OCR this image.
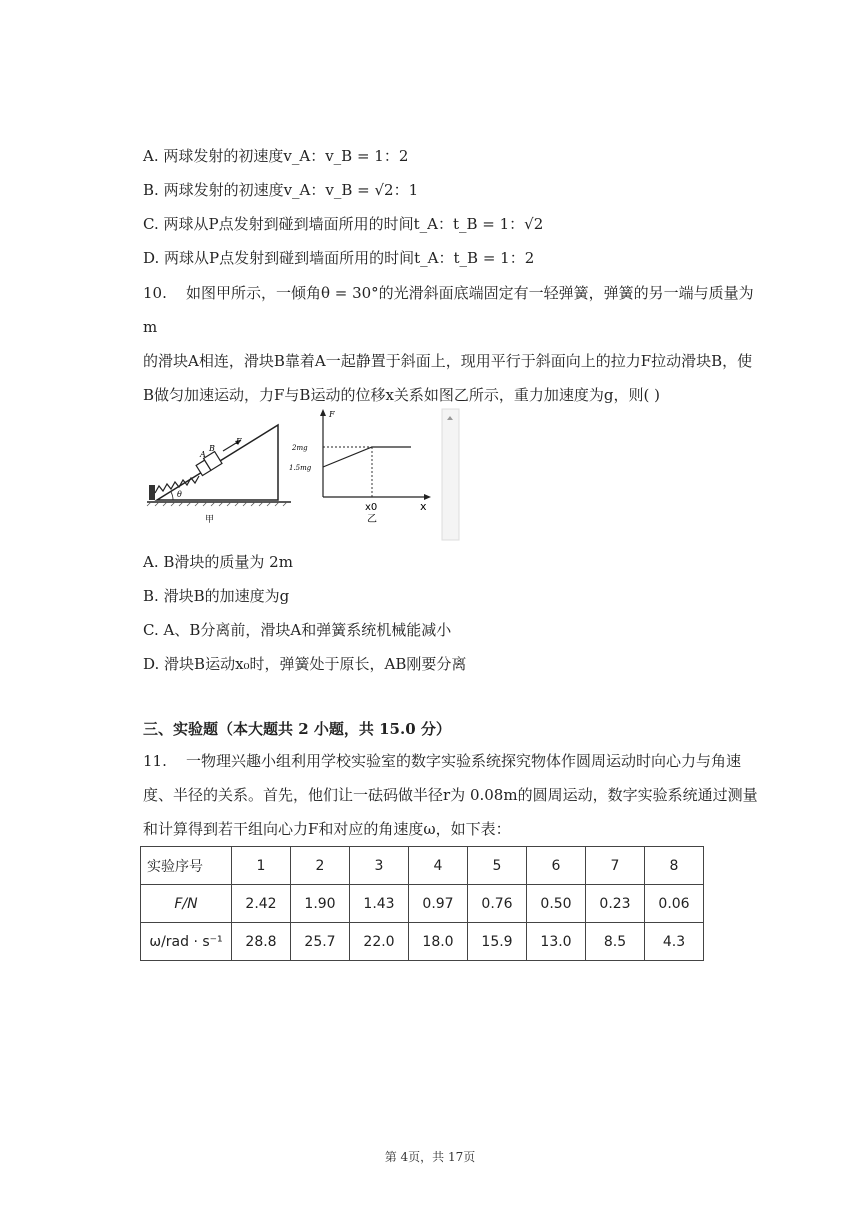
A. 两球发射的初速度v_A：v_B = 1：2
B. 两球发射的初速度v_A：v_B = √2：1
C. 两球从P点发射到碰到墙面所用的时间t_A：t_B = 1：√2
D. 两球从P点发射到碰到墙面所用的时间t_A：t_B = 1：2
10. 如图甲所示，一倾角θ = 30°的光滑斜面底端固定有一轻弹簧，弹簧的另一端与质量为m
的滑块A相连，滑块B靠着A一起静置于斜面上，现用平行于斜面向上的拉力F拉动滑块B，使
B做匀加速运动，力F与B运动的位移x关系如图乙所示，重力加速度为g，则( )
A
B
F
θ
甲
F
x
2mg
1.5mg
x0
乙
A. B滑块的质量为 2m
B. 滑块B的加速度为g
C. A、B分离前，滑块A和弹簧系统机械能减小
D. 滑块B运动x₀时，弹簧处于原长，AB刚要分离
三、实验题（本大题共 2 小题，共 15.0 分）
11. 一物理兴趣小组利用学校实验室的数字实验系统探究物体作圆周运动时向心力与角速
度、半径的关系。首先，他们让一砝码做半径r为 0.08m的圆周运动，数字实验系统通过测量
和计算得到若干组向心力F和对应的角速度ω，如下表：
实验序号	1	2	3	4	5	6	7	8
F/N	2.42	1.90	1.43	0.97	0.76	0.50	0.23	0.06
ω/rad · s⁻¹	28.8	25.7	22.0	18.0	15.9	13.0	8.5	4.3
第 4页，共 17页
